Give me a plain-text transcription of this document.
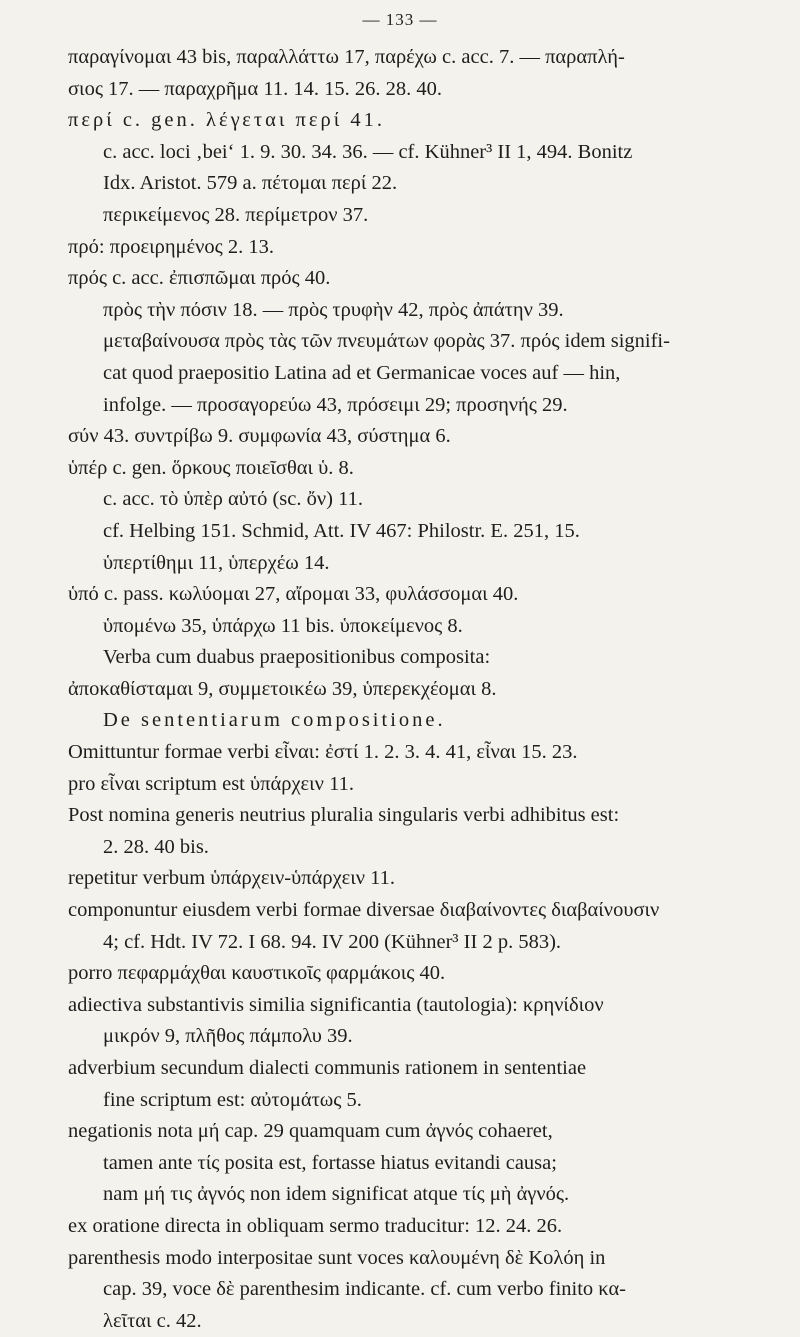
— 133 —
παραγίνομαι 43 bis, παραλλάττω 17, παρέχω c. acc. 7. — παραπλή-
σιος 17. — παραχρῆμα 11. 14. 15. 26. 28. 40.
περί c. gen. λέγεται περί 41.
c. acc. loci ‚bei‘ 1. 9. 30. 34. 36. — cf. Kühner³ II 1, 494. Bonitz
Idx. Aristot. 579 a. πέτομαι περί 22.
περικείμενος 28. περίμετρον 37.
πρό: προειρημένος 2. 13.
πρός c. acc. ἐπισπῶμαι πρός 40.
πρὸς τὴν πόσιν 18. — πρὸς τρυφὴν 42, πρὸς ἀπάτην 39.
μεταβαίνουσα πρὸς τὰς τῶν πνευμάτων φορὰς 37. πρός idem signifi-
cat quod praepositio Latina ad et Germanicae voces auf — hin,
infolge. — προσαγορεύω 43, πρόσειμι 29; προσηνής 29.
σύν 43. συντρίβω 9. συμφωνία 43, σύστημα 6.
ὑπέρ c. gen. ὅρκους ποιεῖσθαι ὑ. 8.
c. acc. τὸ ὑπὲρ αὐτό (sc. ὄν) 11.
cf. Helbing 151. Schmid, Att. IV 467: Philostr. E. 251, 15.
ὑπερτίθημι 11, ὑπερχέω 14.
ὑπό c. pass. κωλύομαι 27, αἴρομαι 33, φυλάσσομαι 40.
ὑπομένω 35, ὑπάρχω 11 bis. ὑποκείμενος 8.
Verba cum duabus praepositionibus composita:
ἀποκαθίσταμαι 9, συμμετοικέω 39, ὑπερεκχέομαι 8.
De sententiarum compositione.
Omittuntur formae verbi εἶναι: ἐστί 1. 2. 3. 4. 41, εἶναι 15. 23.
pro εἶναι scriptum est ὑπάρχειν 11.
Post nomina generis neutrius pluralia singularis verbi adhibitus est:
2. 28. 40 bis.
repetitur verbum ὑπάρχειν-ὑπάρχειν 11.
componuntur eiusdem verbi formae diversae διαβαίνοντες διαβαίνουσιν
4; cf. Hdt. IV 72. I 68. 94. IV 200 (Kühner³ II 2 p. 583).
porro πεφαρμάχθαι καυστικοῖς φαρμάκοις 40.
adiectiva substantivis similia significantia (tautologia): κρηνίδιον
μικρόν 9, πλῆθος πάμπολυ 39.
adverbium secundum dialecti communis rationem in sententiae
fine scriptum est: αὐτομάτως 5.
negationis nota μή cap. 29 quamquam cum ἀγνός cohaeret,
tamen ante τίς posita est, fortasse hiatus evitandi causa;
nam μή τις ἀγνός non idem significat atque τίς μὴ ἀγνός.
ex oratione directa in obliquam sermo traducitur: 12. 24. 26.
parenthesis modo interpositae sunt voces καλουμένη δὲ Κολόη in
cap. 39, voce δὲ parenthesim indicante. cf. cum verbo finito κα-
λεῖται c. 42.
